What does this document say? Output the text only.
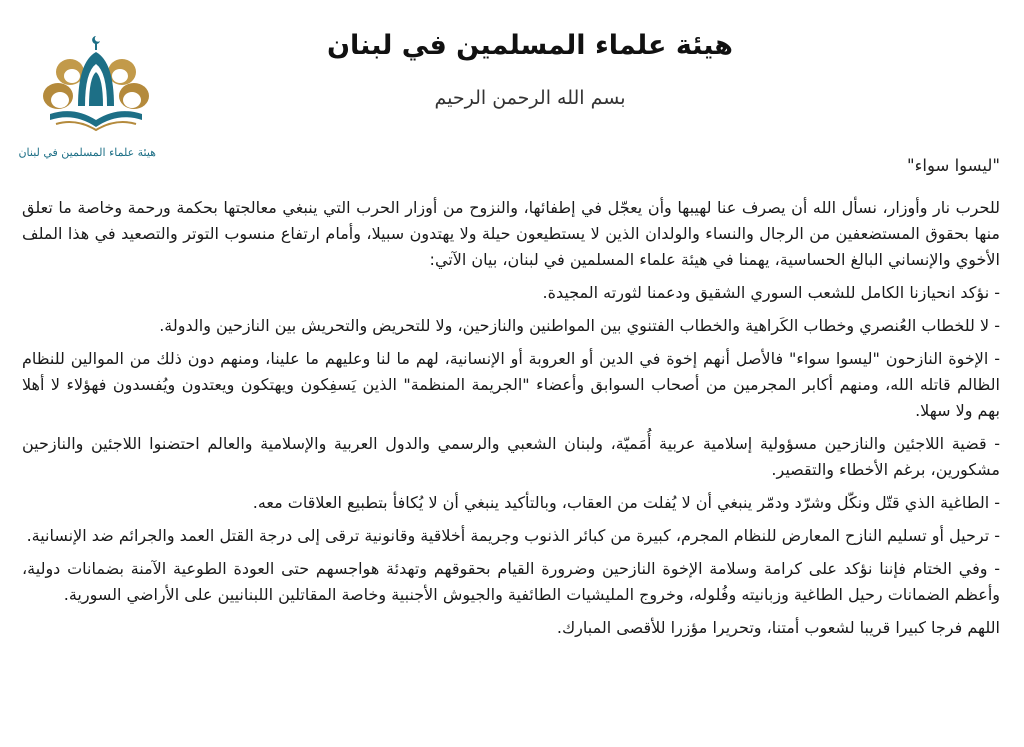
هيئة علماء المسلمين في لبنان
هيئة علماء المسلمين في لبنان
بسم الله الرحمن الرحيم
"ليسوا سواء"

للحرب نار وأوزار، نسأل الله أن يصرف عنا لهيبها وأن يعجّل في إطفائها، والنزوح من أوزار الحرب التي ينبغي معالجتها بحكمة ورحمة وخاصة ما تعلق منها بحقوق المستضعفين من الرجال والنساء والولدان الذين لا يستطيعون حيلة ولا يهتدون سبيلا، وأمام ارتفاع منسوب التوتر والتصعيد في هذا الملف الأخوي والإنساني البالغ الحساسية، يهمنا في هيئة علماء المسلمين في لبنان، بيان الآتي:

- نؤكد انحيازنا الكامل للشعب السوري الشقيق ودعمنا لثورته المجيدة.

- لا للخطاب العُنصري وخطاب الكَراهية والخطاب الفتنوي بين المواطنين والنازحين، ولا للتحريض والتحريش بين النازحين والدولة.

- الإخوة النازحون "ليسوا سواء" فالأصل أنهم إخوة في الدين أو العروبة أو الإنسانية، لهم ما لنا وعليهم ما علينا، ومنهم دون ذلك من الموالين للنظام الظالم قاتله الله، ومنهم أكابر المجرمين من أصحاب السوابق وأعضاء "الجريمة المنظمة" الذين يَسفِكون ويهتكون ويعتدون ويُفسدون فهؤلاء لا أهلا بهم ولا سهلا.

- قضية اللاجئين والنازحين مسؤولية إسلامية عربية أُمَميّة، ولبنان الشعبي والرسمي والدول العربية والإسلامية والعالم احتضنوا اللاجئين والنازحين مشكورين، برغم الأخطاء والتقصير.

- الطاغية الذي قتّل ونكّل وشرّد ودمّر ينبغي أن لا يُفلت من العقاب، وبالتأكيد ينبغي أن لا يُكافأ بتطبيع العلاقات معه.

- ترحيل أو تسليم النازح المعارض للنظام المجرم، كبيرة من كبائر الذنوب وجريمة أخلاقية وقانونية ترقى إلى درجة القتل العمد والجرائم ضد الإنسانية.

- وفي الختام فإننا نؤكد على كرامة وسلامة الإخوة النازحين وضرورة القيام بحقوقهم وتهدئة هواجسهم حتى العودة الطوعية الآمنة بضمانات دولية، وأعظم الضمانات رحيل الطاغية وزبانيته وفُلوله، وخروج المليشيات الطائفية والجيوش الأجنبية وخاصة المقاتلين اللبنانيين على الأراضي السورية.

اللهم فرجا كبيرا قريبا لشعوب أمتنا، وتحريرا مؤزرا للأقصى المبارك.
